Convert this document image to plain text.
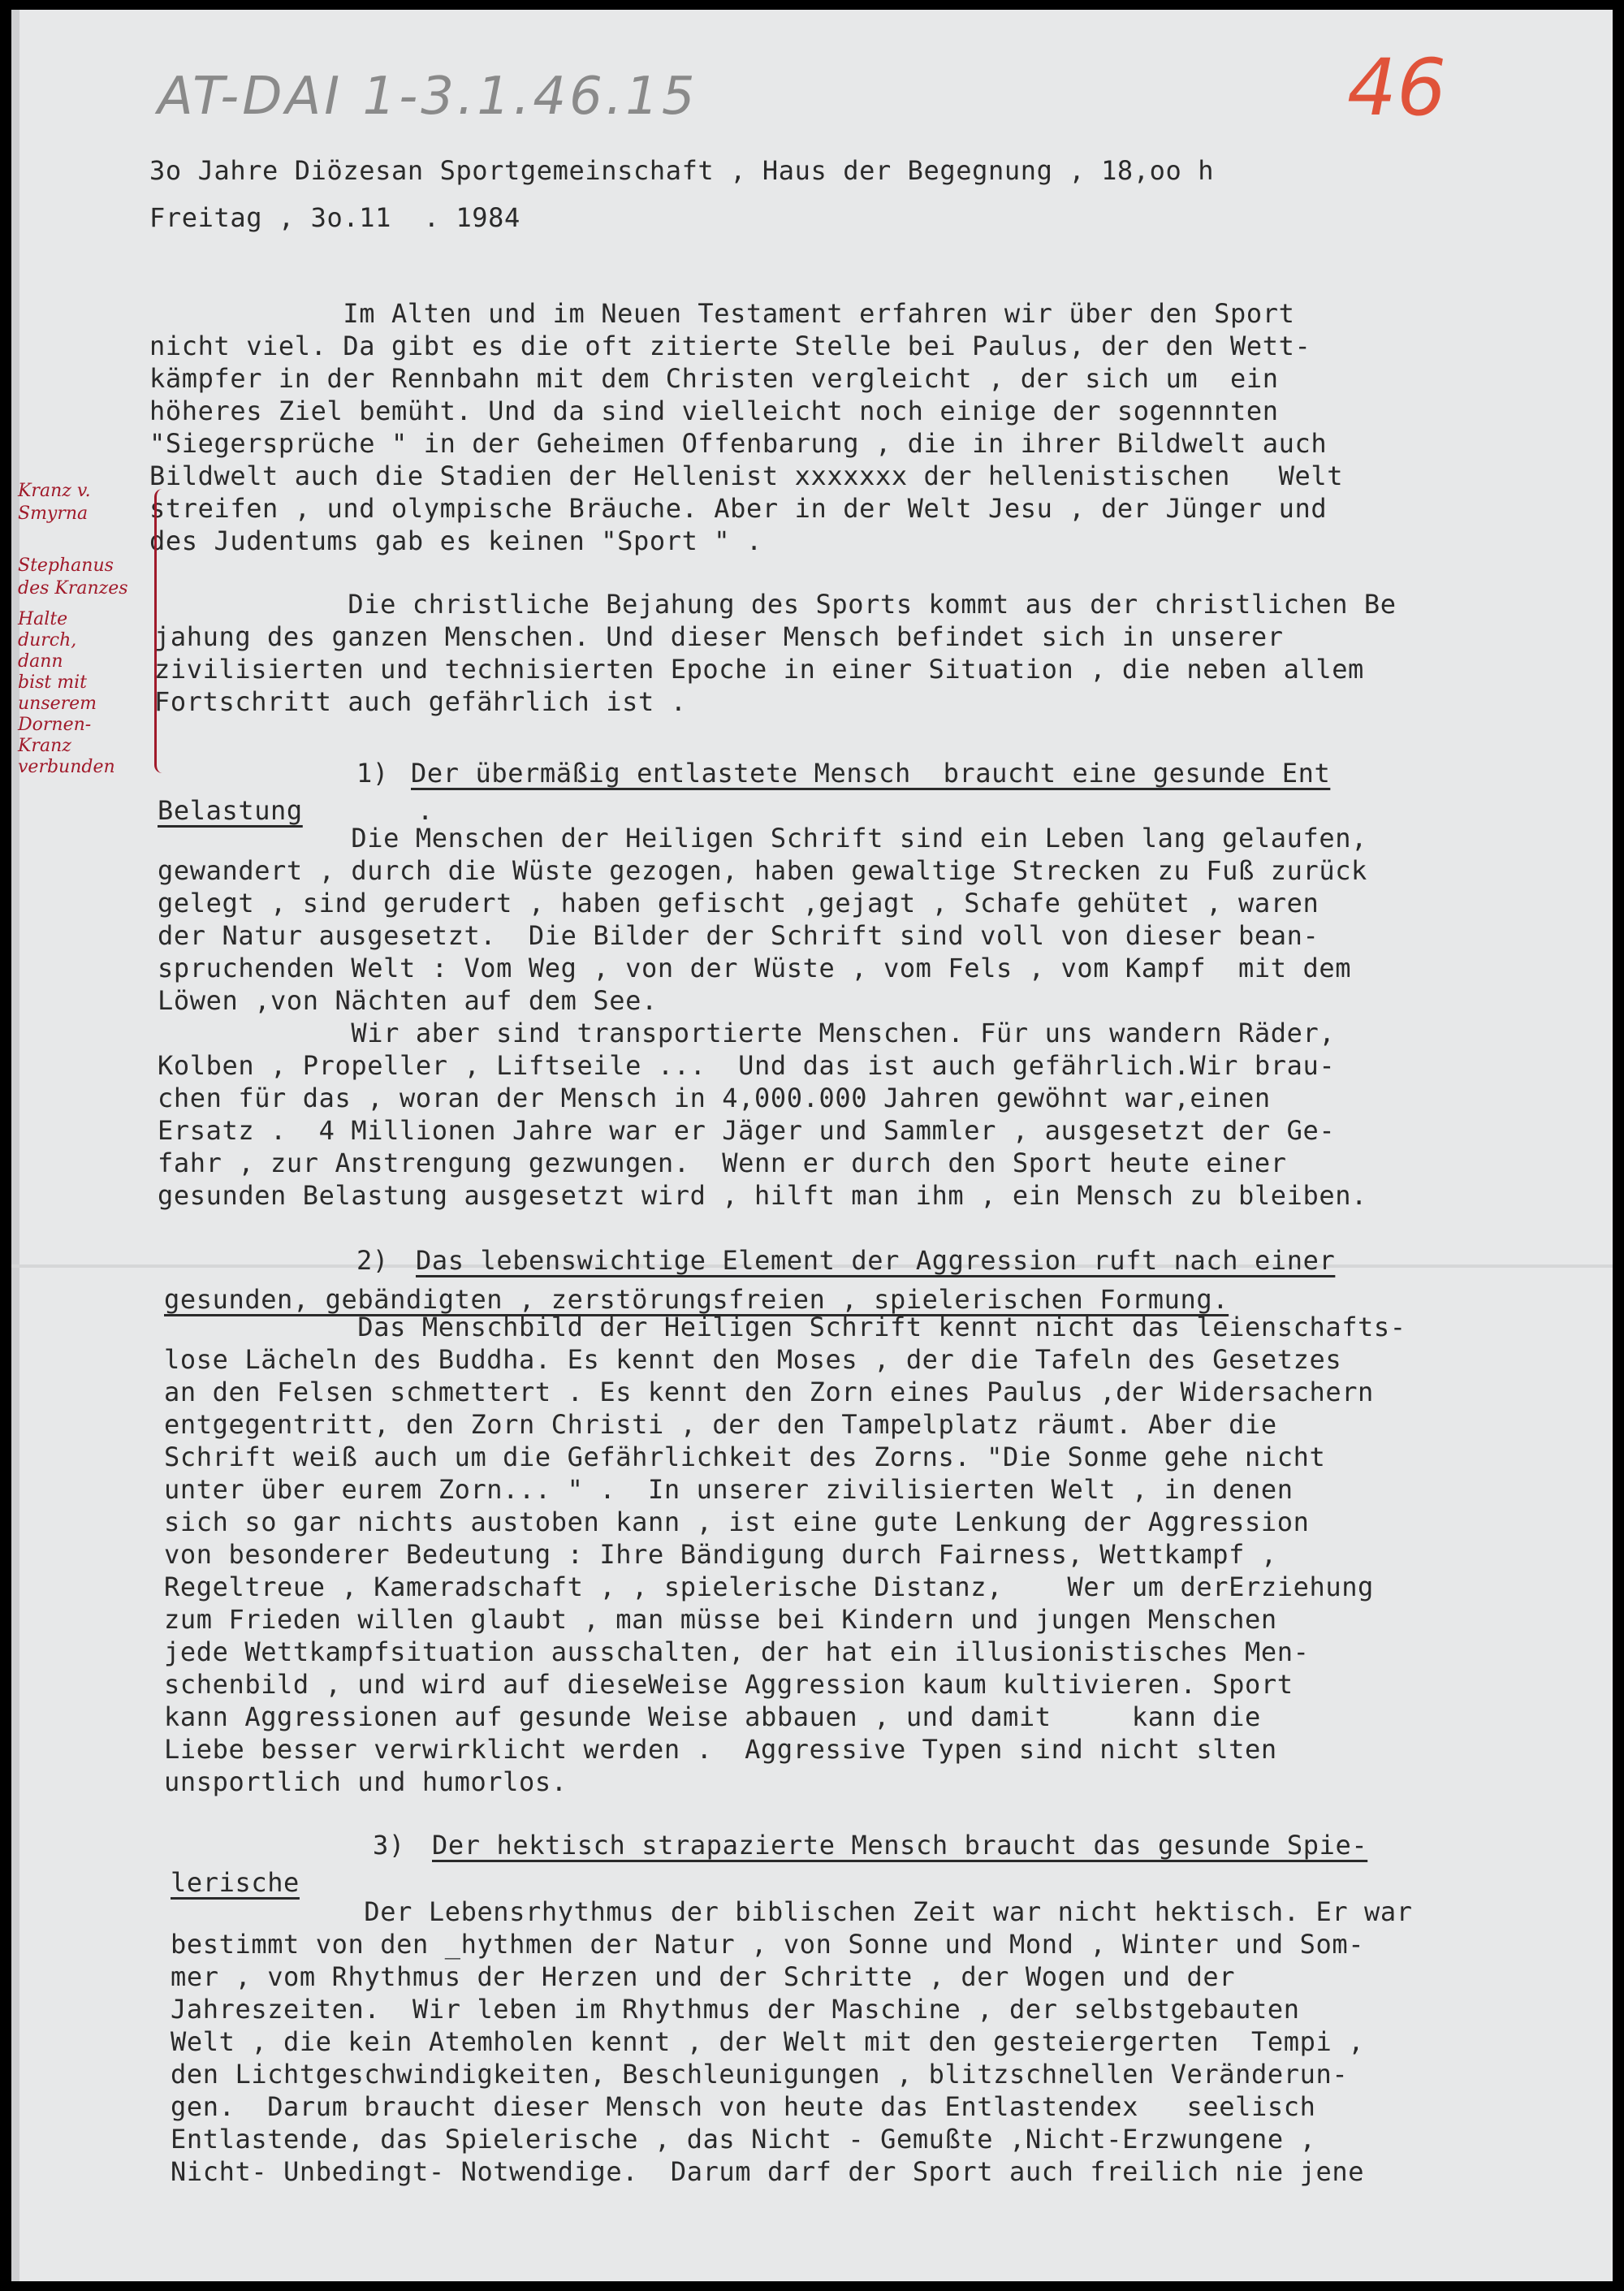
AT-DAI 1-3.1.46.15	46
3o Jahre Diözesan Sportgemeinschaft , Haus der Begegnung , 18,oo h
Freitag , 3o.11  . 1984
Im Alten und im Neuen Testament erfahren wir über den Sport
nicht viel. Da gibt es die oft zitierte Stelle bei Paulus, der den Wett-
kämpfer in der Rennbahn mit dem Christen vergleicht , der sich um  ein
höheres Ziel bemüht. Und da sind vielleicht noch einige der sogennnten
"Siegersprüche " in der Geheimen Offenbarung , die in ihrer Bildwelt auch
Bildwelt auch die Stadien der Hellenist xxxxxxx der hellenistischen   Welt
streifen , und olympische Bräuche. Aber in der Welt Jesu , der Jünger und
des Judentums gab es keinen "Sport " .
Die christliche Bejahung des Sports kommt aus der christlichen Be
jahung des ganzen Menschen. Und dieser Mensch befindet sich in unserer
zivilisierten und technisierten Epoche in einer Situation , die neben allem
Fortschritt auch gefährlich ist .
1) Der übermäßig entlastete Mensch  braucht eine gesunde Ent
Belastung	.
Die Menschen der Heiligen Schrift sind ein Leben lang gelaufen,
gewandert , durch die Wüste gezogen, haben gewaltige Strecken zu Fuß zurück
gelegt , sind gerudert , haben gefischt ,gejagt , Schafe gehütet , waren
der Natur ausgesetzt.  Die Bilder der Schrift sind voll von dieser bean-
spruchenden Welt : Vom Weg , von der Wüste , vom Fels , vom Kampf  mit dem
Löwen ,von Nächten auf dem See.
Wir aber sind transportierte Menschen. Für uns wandern Räder,
Kolben , Propeller , Liftseile ...  Und das ist auch gefährlich.Wir brau-
chen für das , woran der Mensch in 4,000.000 Jahren gewöhnt war,einen
Ersatz .  4 Millionen Jahre war er Jäger und Sammler , ausgesetzt der Ge-
fahr , zur Anstrengung gezwungen.  Wenn er durch den Sport heute einer
gesunden Belastung ausgesetzt wird , hilft man ihm , ein Mensch zu bleiben.
2) Das lebenswichtige Element der Aggression ruft nach einer
gesunden, gebändigten , zerstörungsfreien , spielerischen Formung.
Das Menschbild der Heiligen Schrift kennt nicht das leienschafts-
lose Lächeln des Buddha. Es kennt den Moses , der die Tafeln des Gesetzes
an den Felsen schmettert . Es kennt den Zorn eines Paulus ,der Widersachern
entgegentritt, den Zorn Christi , der den Tampelplatz räumt. Aber die
Schrift weiß auch um die Gefährlichkeit des Zorns. "Die Sonme gehe nicht
unter über eurem Zorn... " .  In unserer zivilisierten Welt , in denen
sich so gar nichts austoben kann , ist eine gute Lenkung der Aggression
von besonderer Bedeutung : Ihre Bändigung durch Fairness, Wettkampf ,
Regeltreue , Kameradschaft , , spielerische Distanz,    Wer um derErziehung
zum Frieden willen glaubt , man müsse bei Kindern und jungen Menschen
jede Wettkampfsituation ausschalten, der hat ein illusionistisches Men-
schenbild , und wird auf dieseWeise Aggression kaum kultivieren. Sport
kann Aggressionen auf gesunde Weise abbauen , und damit     kann die
Liebe besser verwirklicht werden .  Aggressive Typen sind nicht slten
unsportlich und humorlos.
3) Der hektisch strapazierte Mensch braucht das gesunde Spie-
lerische
Der Lebensrhythmus der biblischen Zeit war nicht hektisch. Er war
bestimmt von den _hythmen der Natur , von Sonne und Mond , Winter und Som-
mer , vom Rhythmus der Herzen und der Schritte , der Wogen und der
Jahreszeiten.  Wir leben im Rhythmus der Maschine , der selbstgebauten
Welt , die kein Atemholen kennt , der Welt mit den gesteiergerten  Tempi ,
den Lichtgeschwindigkeiten, Beschleunigungen , blitzschnellen Veränderun-
gen.  Darum braucht dieser Mensch von heute das Entlastendex   seelisch
Entlastende, das Spielerische , das Nicht - Gemußte ,Nicht-Erzwungene ,
Nicht- Unbedingt- Notwendige.  Darum darf der Sport auch freilich nie jene
Kranz v.
Smyrna
Stephanus
des Kranzes
Halte
durch,
dann
bist mit
unserem
Dornen-
Kranz
verbunden
